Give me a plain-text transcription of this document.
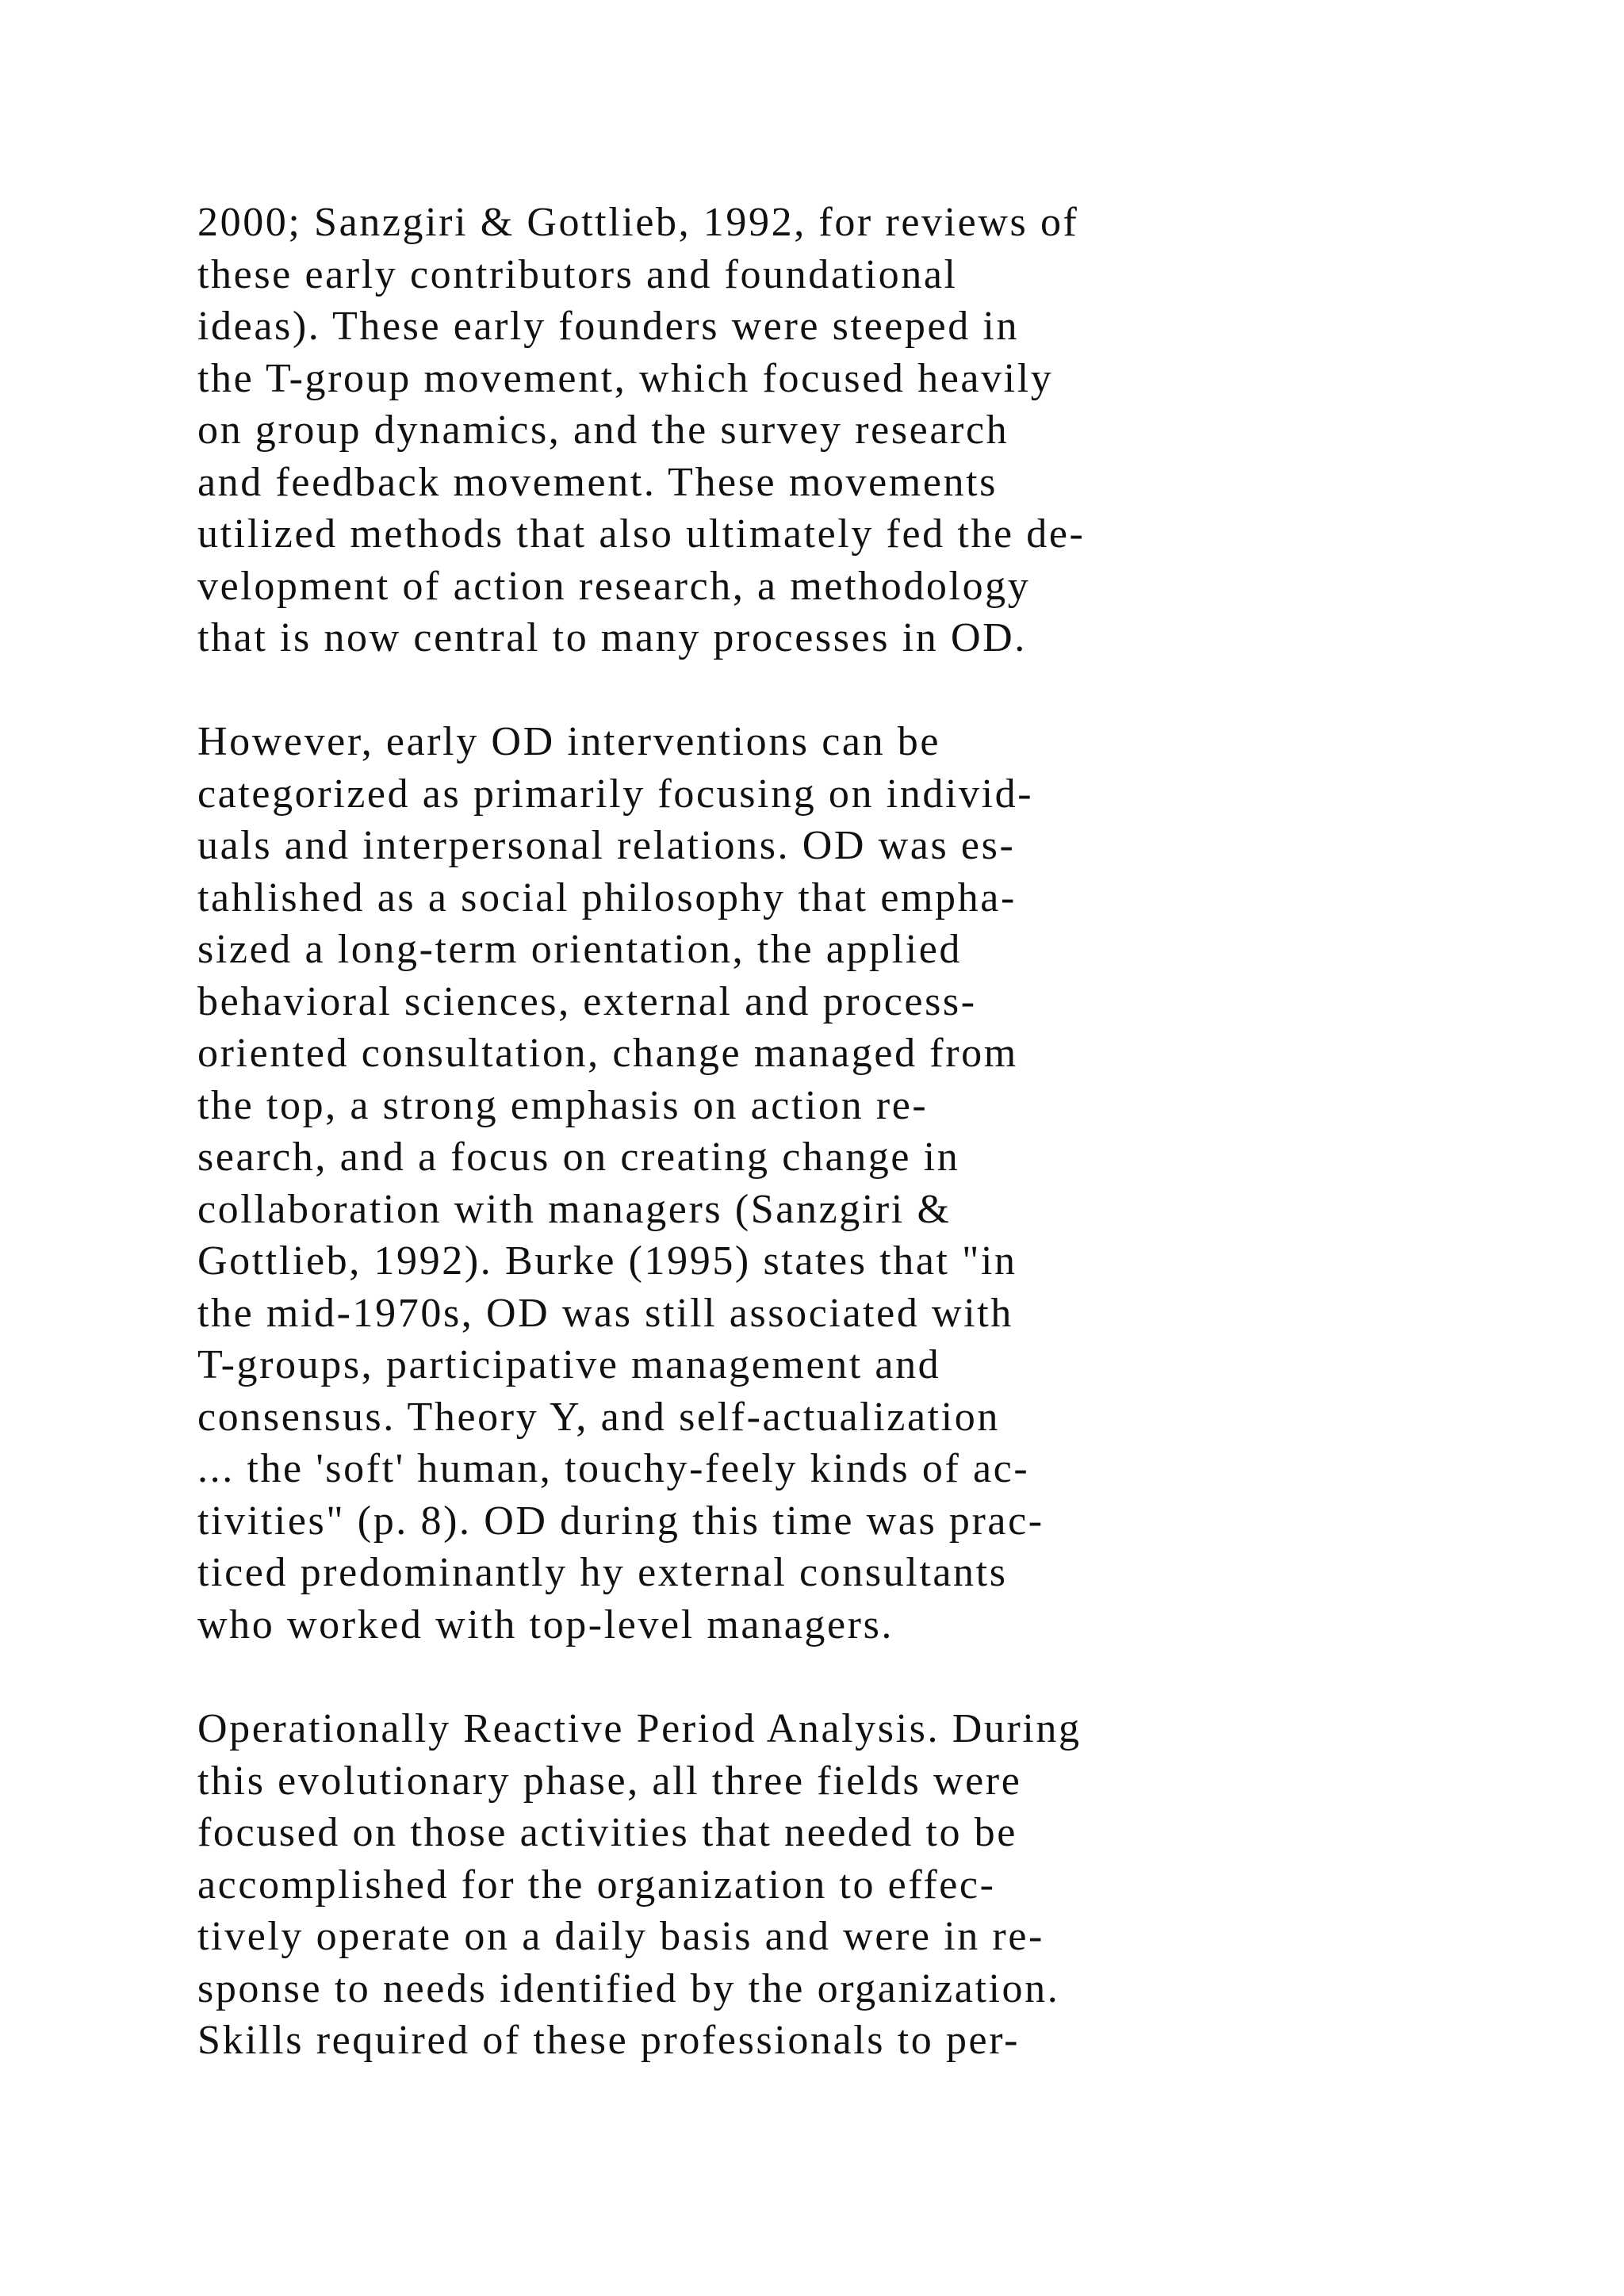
2000; Sanzgiri & Gottlieb, 1992, for reviews of
these early contributors and foundational
ideas). These early founders were steeped in
the T-group movement, which focused heavily
on group dynamics, and the survey research
and feedback movement. These movements
utilized methods that also ultimately fed the de-
velopment of action research, a methodology
that is now central to many processes in OD.

However, early OD interventions can be
categorized as primarily focusing on individ-
uals and interpersonal relations. OD was es-
tahlished as a social philosophy that empha-
sized a long-term orientation, the applied
behavioral sciences, external and process-
oriented consultation, change managed from
the top, a strong emphasis on action re-
search, and a focus on creating change in
collaboration with managers (Sanzgiri &
Gottlieb, 1992). Burke (1995) states that "in
the mid-1970s, OD was still associated with
T-groups, participative management and
consensus. Theory Y, and self-actualization
... the 'soft' human, touchy-feely kinds of ac-
tivities" (p. 8). OD during this time was prac-
ticed predominantly hy external consultants
who worked with top-level managers.

Operationally Reactive Period Analysis. During
this evolutionary phase, all three fields were
focused on those activities that needed to be
accomplished for the organization to effec-
tively operate on a daily basis and were in re-
sponse to needs identified by the organization.
Skills required of these professionals to per-
